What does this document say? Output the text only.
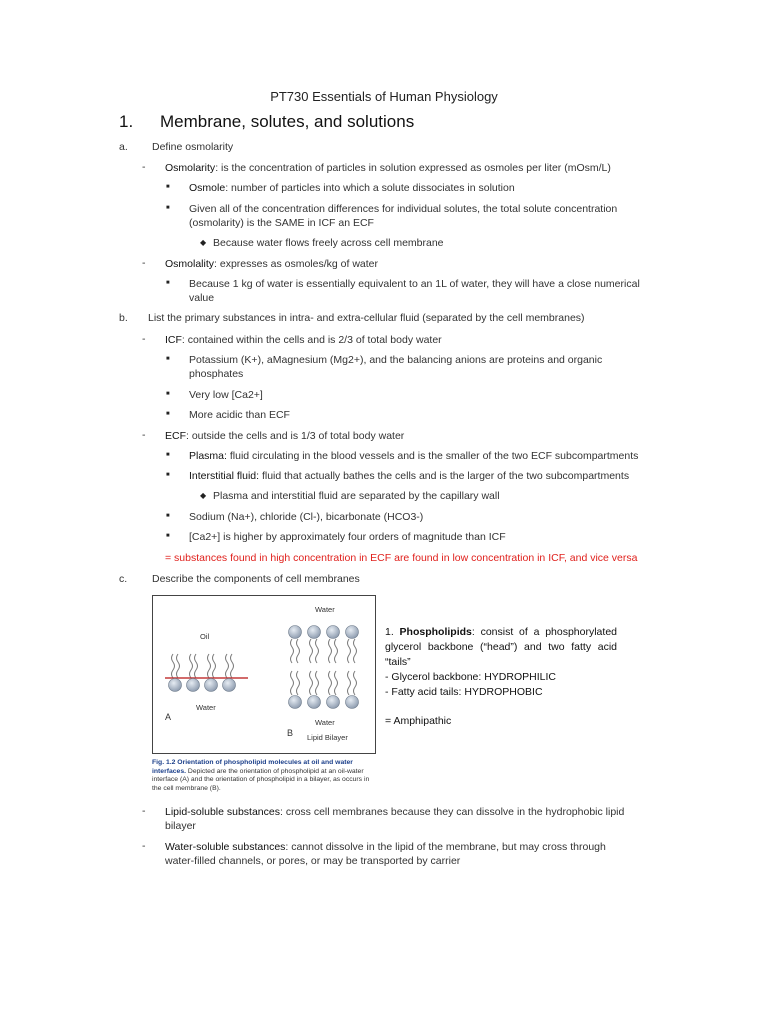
PT730 Essentials of Human Physiology
1. Membrane, solutes, and solutions
a. Define osmolarity
- Osmolarity: is the concentration of particles in solution expressed as osmoles per liter (mOsm/L)
■ Osmole: number of particles into which a solute dissociates in solution
■ Given all of the concentration differences for individual solutes, the total solute concentration
(osmolarity) is the SAME in ICF an ECF
◆ Because water flows freely across cell membrane
- Osmolality: expresses as osmoles/kg of water
■ Because 1 kg of water is essentially equivalent to an 1L of water, they will have a close numerical
value
b. List the primary substances in intra- and extra-cellular fluid (separated by the cell membranes)
- ICF: contained within the cells and is 2/3 of total body water
■ Potassium (K+), aMagnesium (Mg2+), and the balancing anions are proteins and organic
phosphates
■ Very low [Ca2+]
■ More acidic than ECF
- ECF: outside the cells and is 1/3 of total body water
■ Plasma: fluid circulating in the blood vessels and is the smaller of the two ECF subcompartments
■ Interstitial fluid: fluid that actually bathes the cells and is the larger of the two subcompartments
◆ Plasma and interstitial fluid are separated by the capillary wall
■ Sodium (Na+), chloride (Cl-), bicarbonate (HCO3-)
■ [Ca2+] is higher by approximately four orders of magnitude than ICF
= substances found in high concentration in ECF are found in low concentration in ICF, and vice versa
c. Describe the components of cell membranes
Water
Oil
Water
A
Water
B Lipid Bilayer
Fig. 1.2 Orientation of phospholipid molecules at oil and water interfaces. Depicted are the orientation of phospholipid at an oil-water interface (A) and the orientation of phospholipid in a bilayer, as occurs in the cell membrane (B).
1. Phospholipids: consist of a phosphorylated glycerol backbone (“head”) and two fatty acid “tails”
- Glycerol backbone: HYDROPHILIC
- Fatty acid tails: HYDROPHOBIC
= Amphipathic
- Lipid-soluble substances: cross cell membranes because they can dissolve in the hydrophobic lipid
bilayer
- Water-soluble substances: cannot dissolve in the lipid of the membrane, but may cross through
water-filled channels, or pores, or may be transported by carrier
